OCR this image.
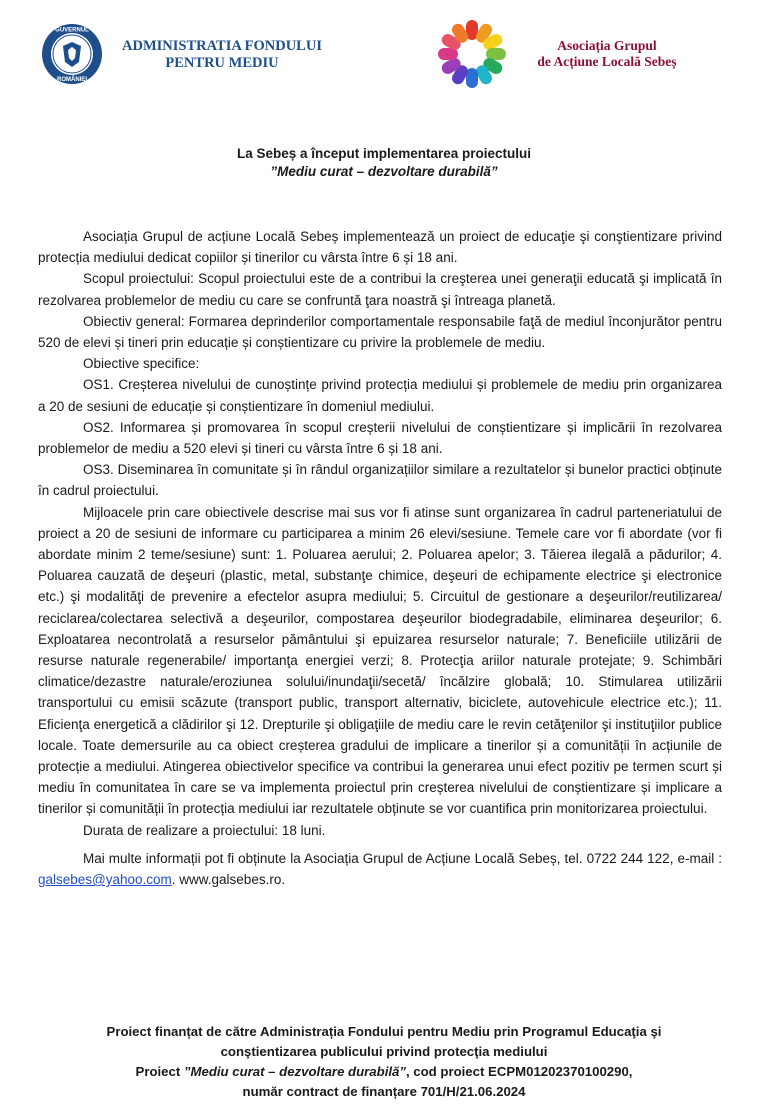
GUVERNUL
ROMÂNIEI
ADMINISTRATIA FONDULUI
PENTRU MEDIU
Asociația Grupul
de Acțiune Locală Sebeș
La Sebeș a început implementarea proiectului
”Mediu curat – dezvoltare durabilă”

Asociația Grupul de acțiune Locală Sebeș implementează un proiect de educaţie şi conştientizare privind protecția mediului dedicat copiilor și tinerilor cu vârsta între 6 și 18 ani.

Scopul proiectului: Scopul proiectului este de a contribui la creşterea unei generaţii educată şi implicată în rezolvarea problemelor de mediu cu care se confruntă ţara noastră şi întreaga planetă.

Obiectiv general: Formarea deprinderilor comportamentale responsabile faţă de mediul înconjurător pentru 520 de elevi și tineri prin educație și conștientizare cu privire la problemele de mediu.

Obiective specifice:

OS1. Creșterea nivelului de cunoștințe privind protecția mediului și problemele de mediu prin organizarea a 20 de sesiuni de educație și conștientizare în domeniul mediului.

OS2. Informarea și promovarea în scopul creșterii nivelului de conștientizare și implicării în rezolvarea problemelor de mediu a 520 elevi și tineri cu vârsta între 6 și 18 ani.

OS3. Diseminarea în comunitate și în rândul organizațiilor similare a rezultatelor și bunelor practici obținute în cadrul proiectului.

Mijloacele prin care obiectivele descrise mai sus vor fi atinse sunt organizarea în cadrul parteneriatului de proiect a 20 de sesiuni de informare cu participarea a minim 26 elevi/sesiune. Temele care vor fi abordate (vor fi abordate minim 2 teme/sesiune) sunt: 1. Poluarea aerului; 2. Poluarea apelor; 3. Tăierea ilegală a pădurilor; 4. Poluarea cauzată de deşeuri (plastic, metal, substanţe chimice, deşeuri de echipamente electrice şi electronice etc.) şi modalităţi de prevenire a efectelor asupra mediului; 5. Circuitul de gestionare a deşeurilor/reutilizarea/ reciclarea/colectarea selectivă a deşeurilor, compostarea deşeurilor biodegradabile, eliminarea deşeurilor; 6. Exploatarea necontrolată a resurselor pământului şi epuizarea resurselor naturale; 7. Beneficiile utilizării de resurse naturale regenerabile/ importanţa energiei verzi; 8. Protecţia ariilor naturale protejate; 9. Schimbări climatice/dezastre naturale/eroziunea solului/inundaţii/secetă/ încălzire globală; 10. Stimularea utilizării transportului cu emisii scăzute (transport public, transport alternativ, biciclete, autovehicule electrice etc.); 11. Eficienţa energetică a clădirilor şi 12. Drepturile şi obligaţiile de mediu care le revin cetăţenilor şi instituţiilor publice locale. Toate demersurile au ca obiect creșterea gradului de implicare a tinerilor și a comunității în acțiunile de protecție a mediului. Atingerea obiectivelor specifice va contribui la generarea unui efect pozitiv pe termen scurt și mediu în comunitatea în care se va implementa proiectul prin creșterea nivelului de conștientizare și implicare a tinerilor și comunității în protecția mediului iar rezultatele obținute se vor cuantifica prin monitorizarea proiectului.

Durata de realizare a proiectului: 18 luni.

Mai multe informații pot fi obținute la Asociația Grupul de Acțiune Locală Sebeș, tel. 0722 244 122, e-mail : galsebes@yahoo.com. www.galsebes.ro.

Proiect finanțat de către Administrația Fondului pentru Mediu prin Programul Educaţia şi
conştientizarea publicului privind protecţia mediului
Proiect ”Mediu curat – dezvoltare durabilă”, cod proiect ECPM01202370100290,
număr contract de finanțare 701/H/21.06.2024
